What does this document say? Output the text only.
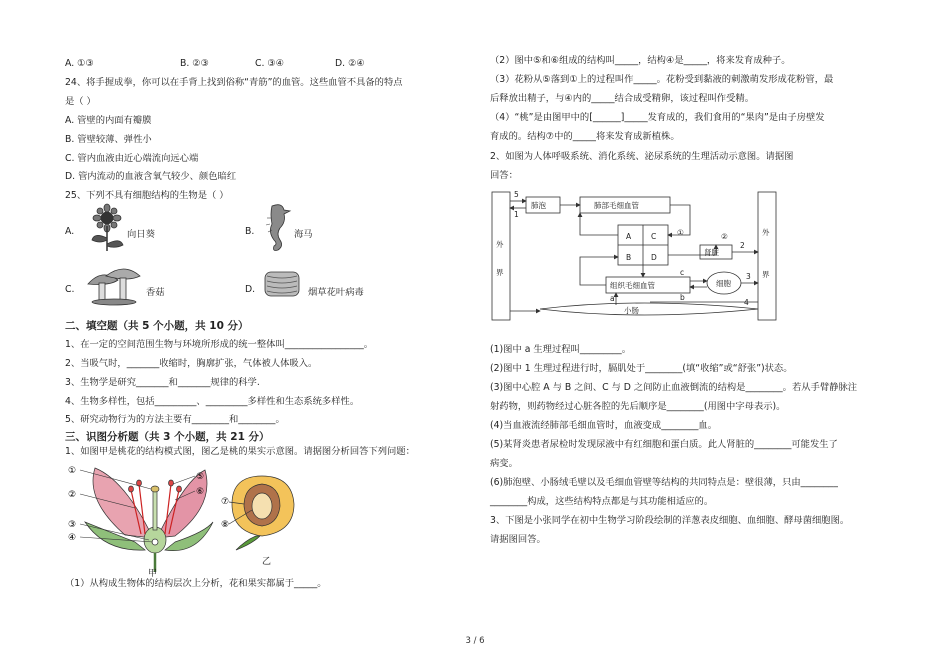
A. ①③	B. ②③	C. ③④	D. ②④
24、将手握成拳，你可以在手背上找到俗称“青筋”的血管。这些血管不具备的特点
是（ ）
A. 管壁的内面有瓣膜
B. 管壁较薄、弹性小
C. 管内血液由近心端流向远心端
D. 管内流动的血液含氧气较少、颜色暗红
25、下列不具有细胞结构的生物是（ ）
A.	向日葵	B.	海马
C.	香菇	D.	烟草花叶病毒
二、填空题（共 5 个小题，共 10 分）
1、在一定的空间范围生物与环境所形成的统一整体叫_________________。
2、当吸气时，_______收缩时，胸廓扩张，气体被人体吸入。
3、生物学是研究_______和_______规律的科学.
4、生物多样性，包括_________、_________多样性和生态系统多样性。
5、研究动物行为的方法主要有________和________。
三、识图分析题（共 3 个小题，共 21 分）
1、如图甲是桃花的结构模式图，图乙是桃的果实示意图。请据图分析回答下列问题：
①
②
③
④
⑤
⑥
甲
⑦
⑧
乙
（1）从构成生物体的结构层次上分析，花和果实都属于_____。
（2）图中⑤和⑥组成的结构叫_____，结构④是_____，将来发育成种子。
（3）花粉从⑤落到①上的过程叫作_____。花粉受到黏液的刺激萌发形成花粉管，最
后释放出精子，与④内的_____结合成受精卵，该过程叫作受精。
（4）“桃”是由图甲中的[______]_____发育成的，我们食用的“果肉”是由子房壁发
育成的。结构⑦中的_____将来发育成新植株。
2、如图为人体呼吸系统、消化系统、泌尿系统的生理活动示意图。请据图
回答：
外
界
外
界
肺泡	肺部毛细血管
A
B
C
D
组织毛细血管
肾脏
细胞
小肠
5
1
①	②
2
3
4
a	b
c
(1)图中 a 生理过程叫_________。
(2)图中 1 生理过程进行时，膈肌处于________(填“收缩”或“舒张”)状态。
(3)图中心腔 A 与 B 之间、C 与 D 之间防止血液倒流的结构是________。若从手臂静脉注
射药物，则药物经过心脏各腔的先后顺序是________(用图中字母表示)。
(4)当血液流经肺部毛细血管时，血液变成________血。
(5)某肾炎患者尿检时发现尿液中有红细胞和蛋白质。此人肾脏的________可能发生了
病变。
(6)肺泡壁、小肠绒毛壁以及毛细血管壁等结构的共同特点是：壁很薄，只由________
________构成，这些结构特点都是与其功能相适应的。
3、下图是小张同学在初中生物学习阶段绘制的洋葱表皮细胞、血细胞、酵母菌细胞图。
请据图回答。
3 / 6
